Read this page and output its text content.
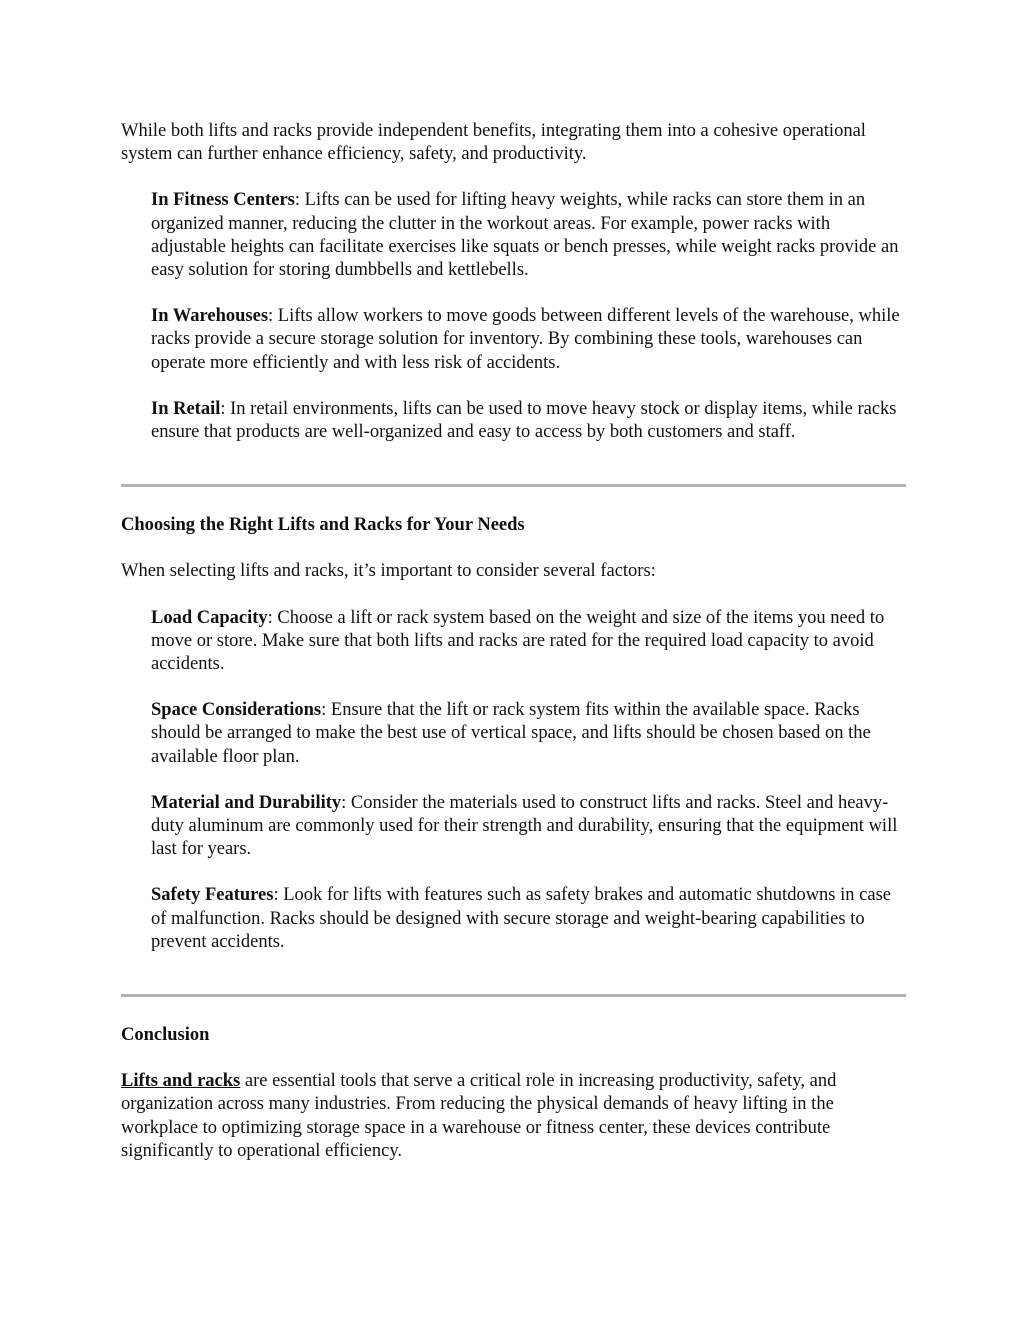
While both lifts and racks provide independent benefits, integrating them into a cohesive operational system can further enhance efficiency, safety, and productivity.

In Fitness Centers: Lifts can be used for lifting heavy weights, while racks can store them in an organized manner, reducing the clutter in the workout areas. For example, power racks with adjustable heights can facilitate exercises like squats or bench presses, while weight racks provide an easy solution for storing dumbbells and kettlebells.

In Warehouses: Lifts allow workers to move goods between different levels of the warehouse, while racks provide a secure storage solution for inventory. By combining these tools, warehouses can operate more efficiently and with less risk of accidents.

In Retail: In retail environments, lifts can be used to move heavy stock or display items, while racks ensure that products are well-organized and easy to access by both customers and staff.

Choosing the Right Lifts and Racks for Your Needs

When selecting lifts and racks, it’s important to consider several factors:

Load Capacity: Choose a lift or rack system based on the weight and size of the items you need to move or store. Make sure that both lifts and racks are rated for the required load capacity to avoid accidents.

Space Considerations: Ensure that the lift or rack system fits within the available space. Racks should be arranged to make the best use of vertical space, and lifts should be chosen based on the available floor plan.

Material and Durability: Consider the materials used to construct lifts and racks. Steel and heavy-duty aluminum are commonly used for their strength and durability, ensuring that the equipment will last for years.

Safety Features: Look for lifts with features such as safety brakes and automatic shutdowns in case of malfunction. Racks should be designed with secure storage and weight-bearing capabilities to prevent accidents.

Conclusion

Lifts and racks are essential tools that serve a critical role in increasing productivity, safety, and organization across many industries. From reducing the physical demands of heavy lifting in the workplace to optimizing storage space in a warehouse or fitness center, these devices contribute significantly to operational efficiency.
